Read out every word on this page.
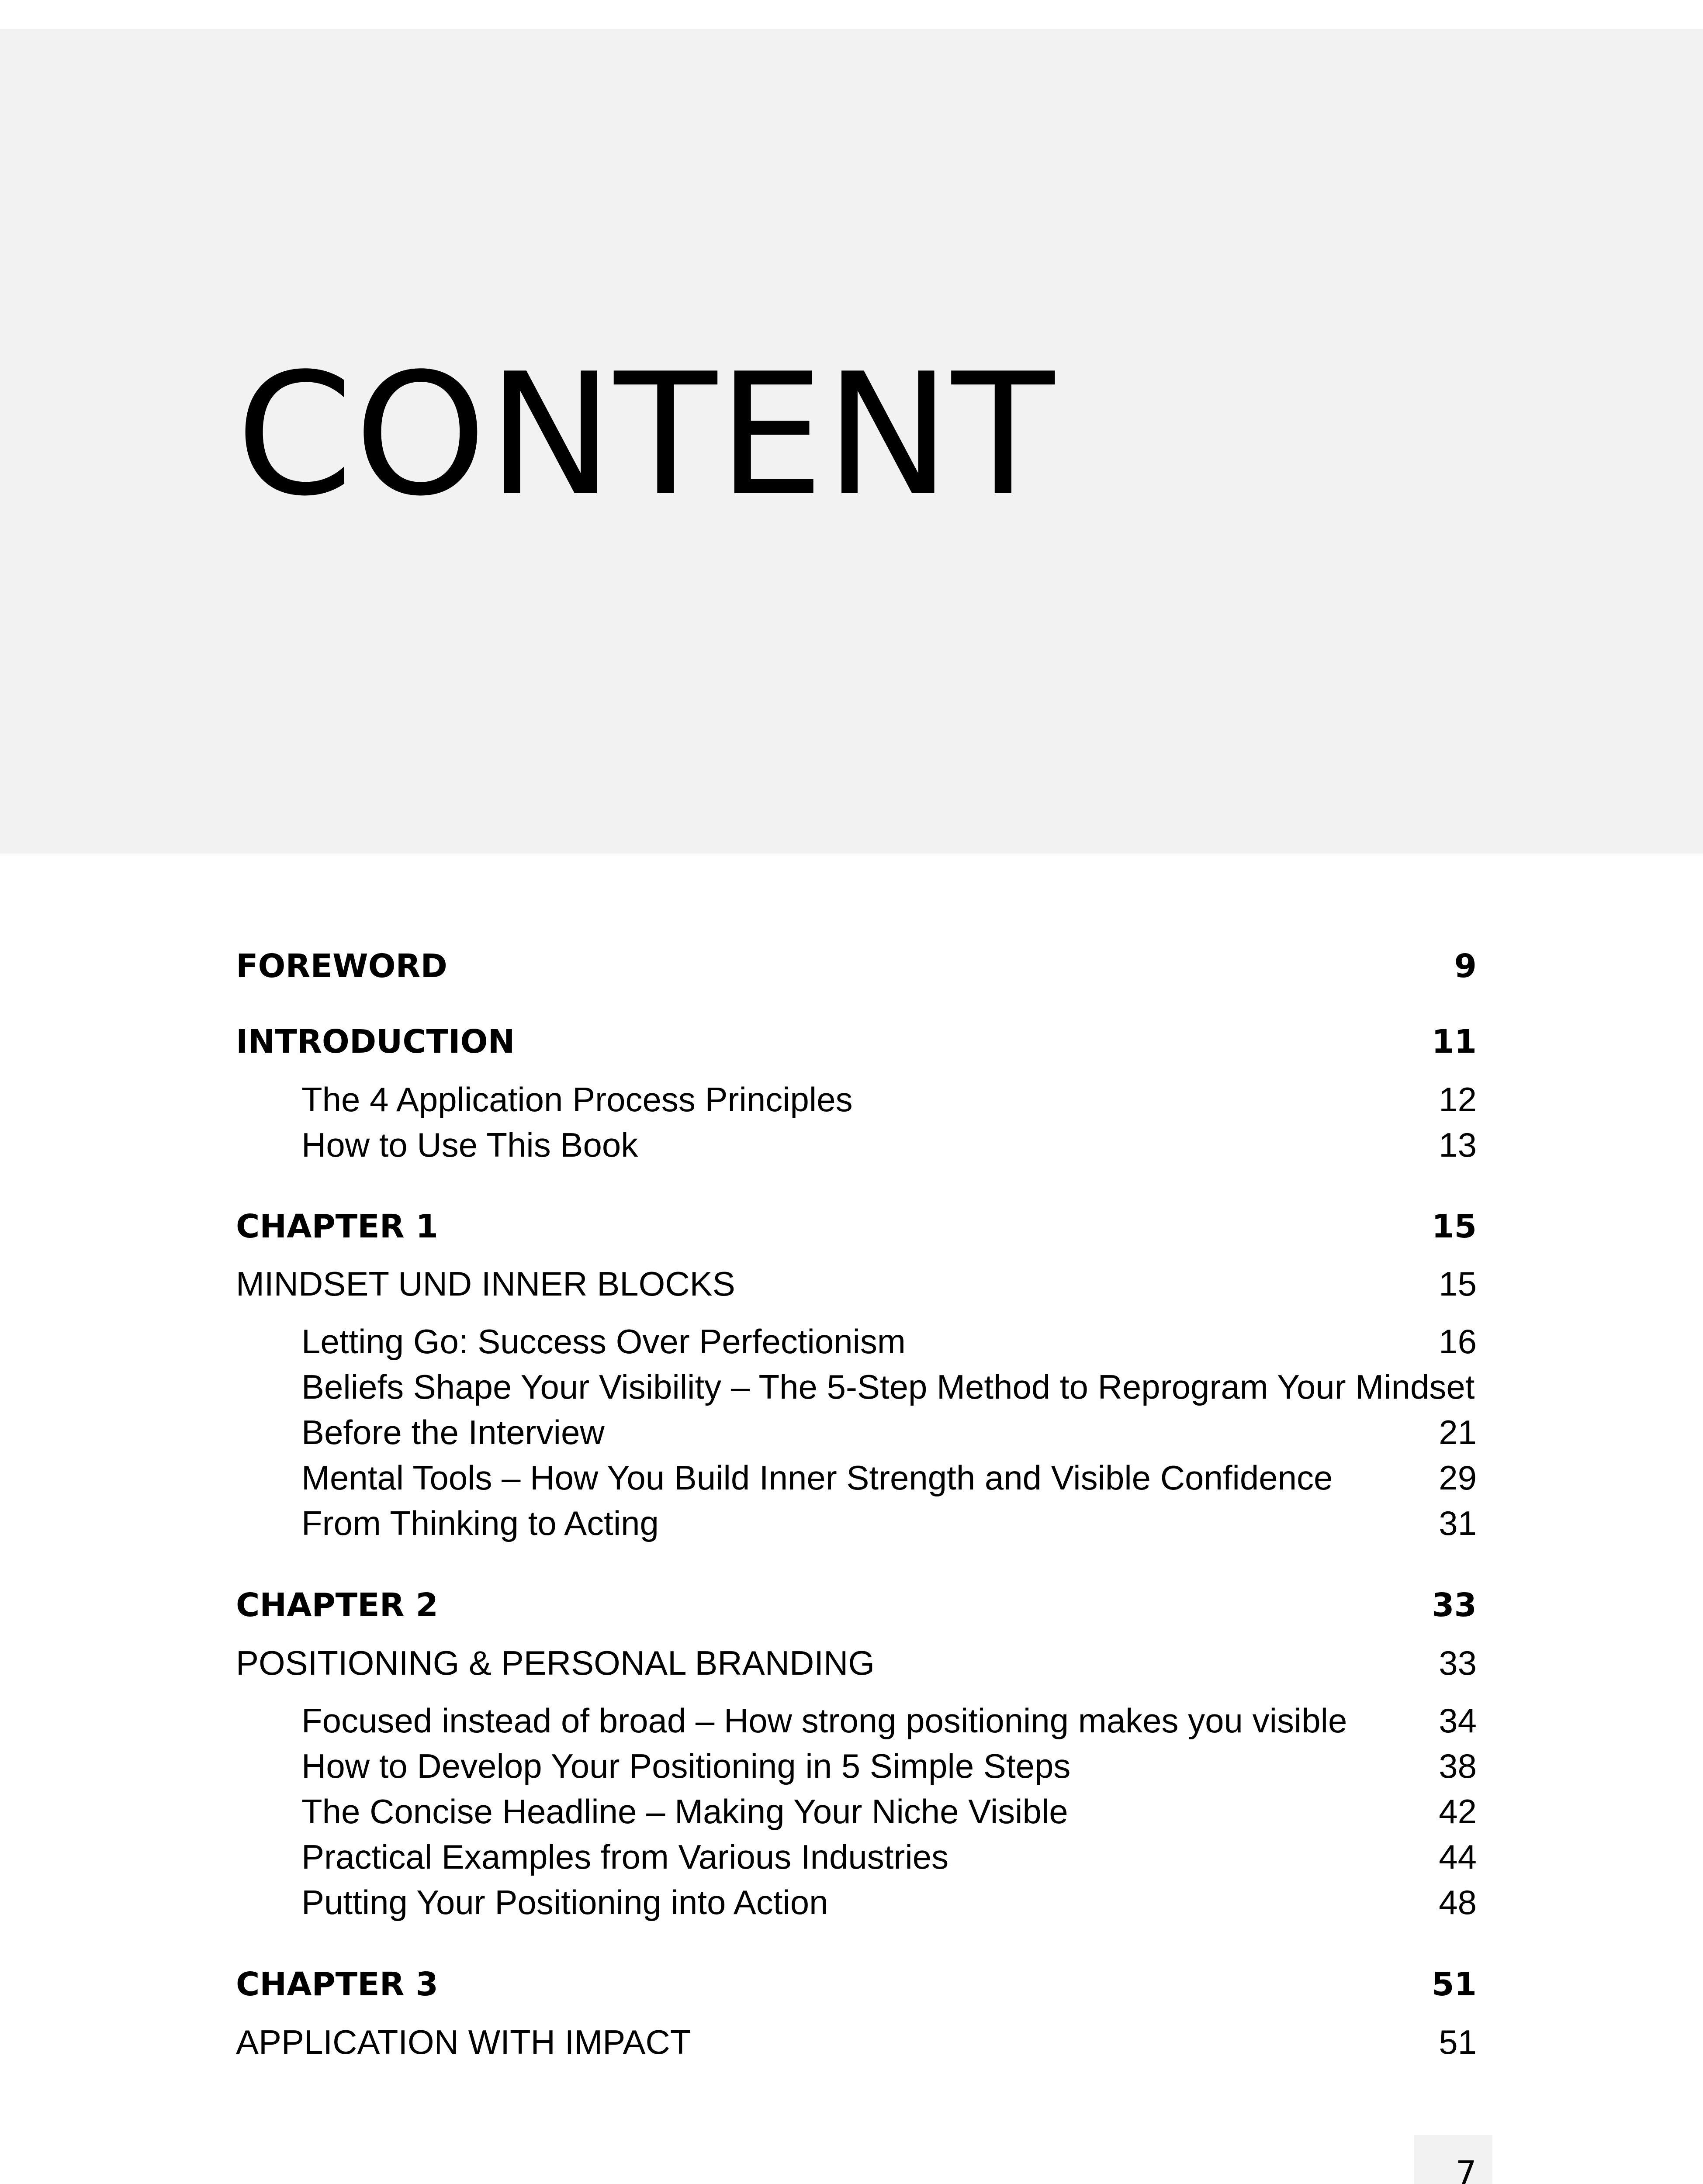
CONTENT
FOREWORD	9
INTRODUCTION	11
The 4 Application Process Principles	12
How to Use This Book	13
CHAPTER 1	15
MINDSET UND INNER BLOCKS	15
Letting Go: Success Over Perfectionism	16
Beliefs Shape Your Visibility – The 5-Step Method to Reprogram Your Mindset
Before the Interview	21
Mental Tools – How You Build Inner Strength and Visible Confidence	29
From Thinking to Acting	31
CHAPTER 2	33
POSITIONING & PERSONAL BRANDING	33
Focused instead of broad – How strong positioning makes you visible	34
How to Develop Your Positioning in 5 Simple Steps	38
The Concise Headline – Making Your Niche Visible	42
Practical Examples from Various Industries	44
Putting Your Positioning into Action	48
CHAPTER 3	51
APPLICATION WITH IMPACT	51
7
